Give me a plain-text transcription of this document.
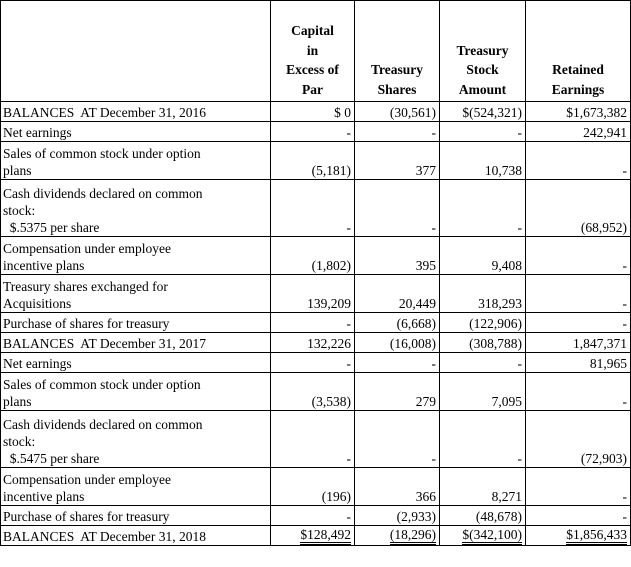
	Capital
in
Excess of
Par	Treasury
Shares	Treasury
Stock
Amount	Retained
Earnings

BALANCES  AT December 31, 2016	$ 0	(30,561)	$(524,321)	$1,673,382

Net earnings	-	-	-	242,941

Sales of common stock under option
plans	(5,181)	377	10,738	-

Cash dividends declared on common
stock:
$.5375 per share	-	-	-	(68,952)

Compensation under employee
incentive plans	(1,802)	395	9,408	-

Treasury shares exchanged for
Acquisitions	139,209	20,449	318,293	-

Purchase of shares for treasury	-	(6,668)	(122,906)	-

BALANCES  AT December 31, 2017	132,226	(16,008)	(308,788)	1,847,371

Net earnings	-	-	-	81,965

Sales of common stock under option
plans	(3,538)	279	7,095	-

Cash dividends declared on common
stock:
$.5475 per share	-	-	-	(72,903)

Compensation under employee
incentive plans	(196)	366	8,271	-

Purchase of shares for treasury	-	(2,933)	(48,678)	-

BALANCES  AT December 31, 2018	$128,492	(18,296)	$(342,100)	$1,856,433
